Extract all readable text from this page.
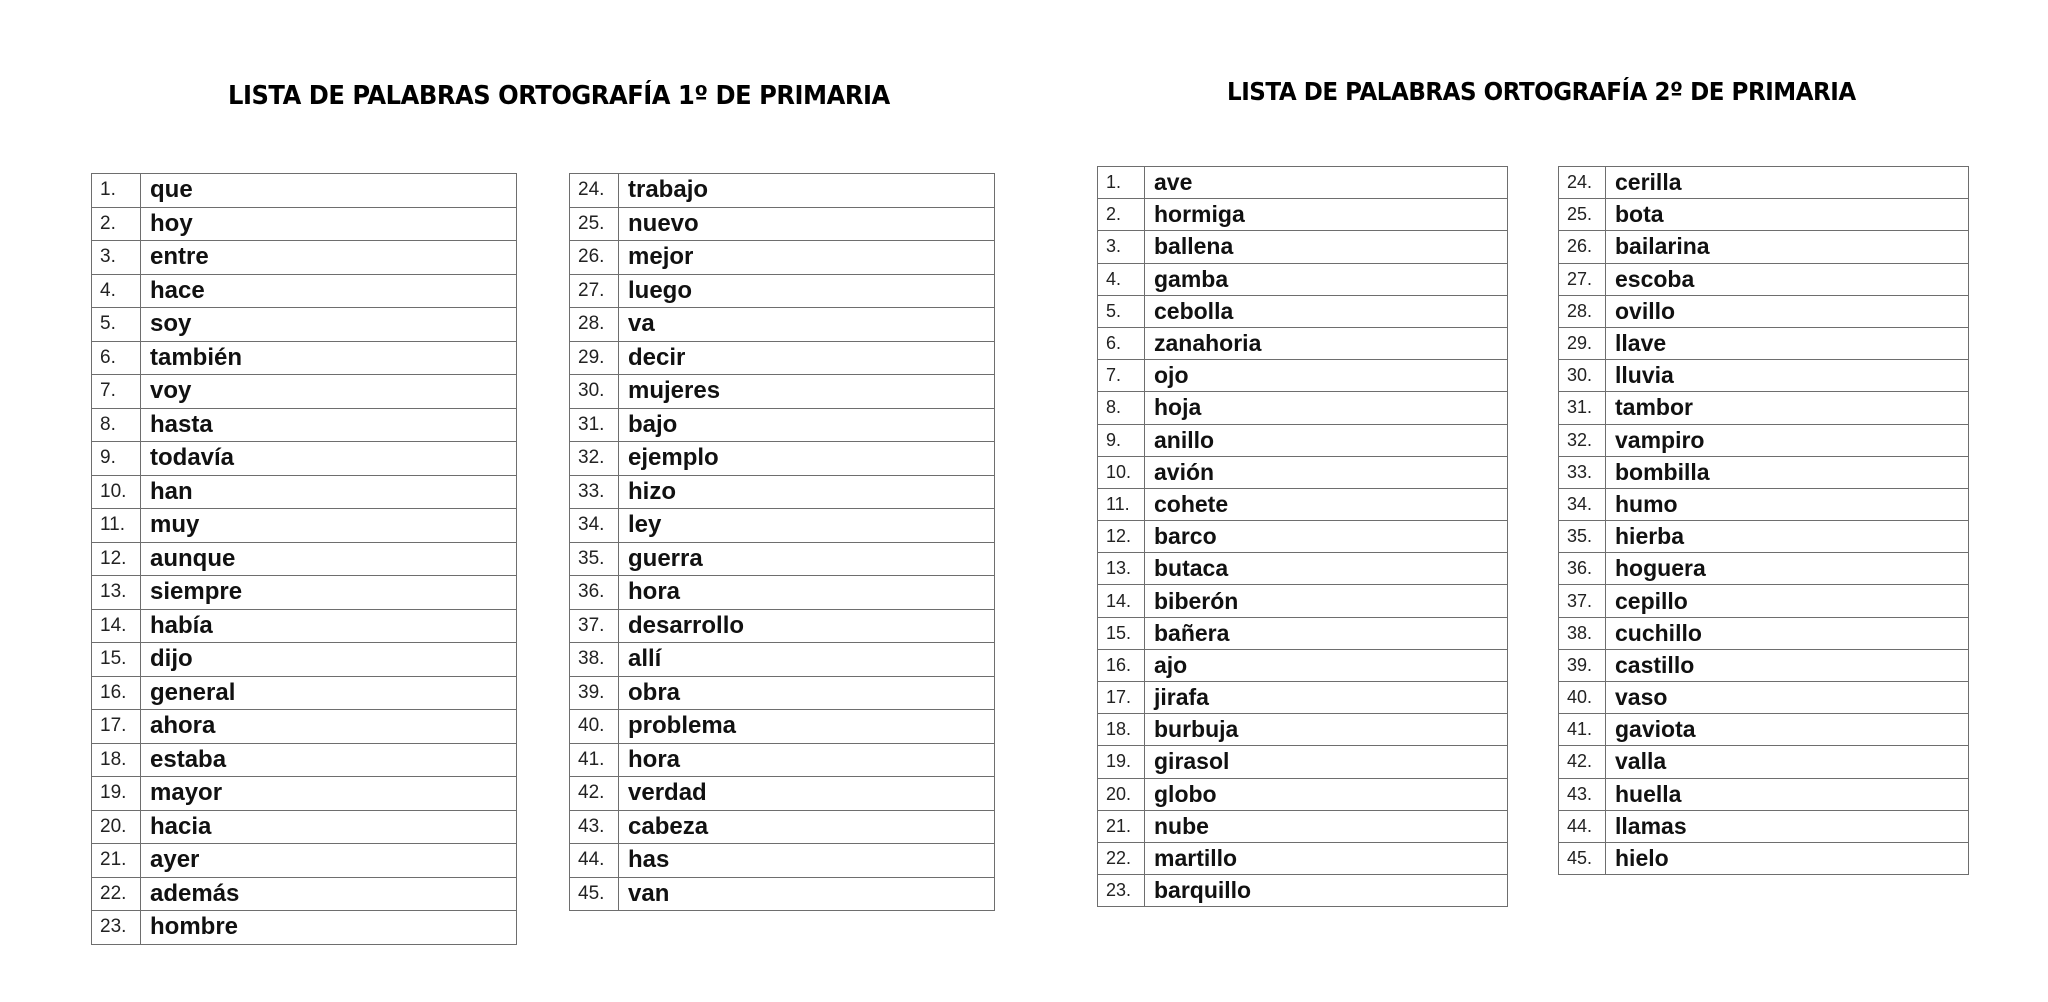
LISTA DE PALABRAS ORTOGRAFÍA 1º DE PRIMARIA	LISTA DE PALABRAS ORTOGRAFÍA 2º DE PRIMARIA
1.	que
2.	hoy
3.	entre
4.	hace
5.	soy
6.	también
7.	voy
8.	hasta
9.	todavía
10.	han
11.	muy
12.	aunque
13.	siempre
14.	había
15.	dijo
16.	general
17.	ahora
18.	estaba
19.	mayor
20.	hacia
21.	ayer
22.	además
23.	hombre
24.	trabajo
25.	nuevo
26.	mejor
27.	luego
28.	va
29.	decir
30.	mujeres
31.	bajo
32.	ejemplo
33.	hizo
34.	ley
35.	guerra
36.	hora
37.	desarrollo
38.	allí
39.	obra
40.	problema
41.	hora
42.	verdad
43.	cabeza
44.	has
45.	van
1.	ave
2.	hormiga
3.	ballena
4.	gamba
5.	cebolla
6.	zanahoria
7.	ojo
8.	hoja
9.	anillo
10.	avión
11.	cohete
12.	barco
13.	butaca
14.	biberón
15.	bañera
16.	ajo
17.	jirafa
18.	burbuja
19.	girasol
20.	globo
21.	nube
22.	martillo
23.	barquillo
24.	cerilla
25.	bota
26.	bailarina
27.	escoba
28.	ovillo
29.	llave
30.	lluvia
31.	tambor
32.	vampiro
33.	bombilla
34.	humo
35.	hierba
36.	hoguera
37.	cepillo
38.	cuchillo
39.	castillo
40.	vaso
41.	gaviota
42.	valla
43.	huella
44.	llamas
45.	hielo
